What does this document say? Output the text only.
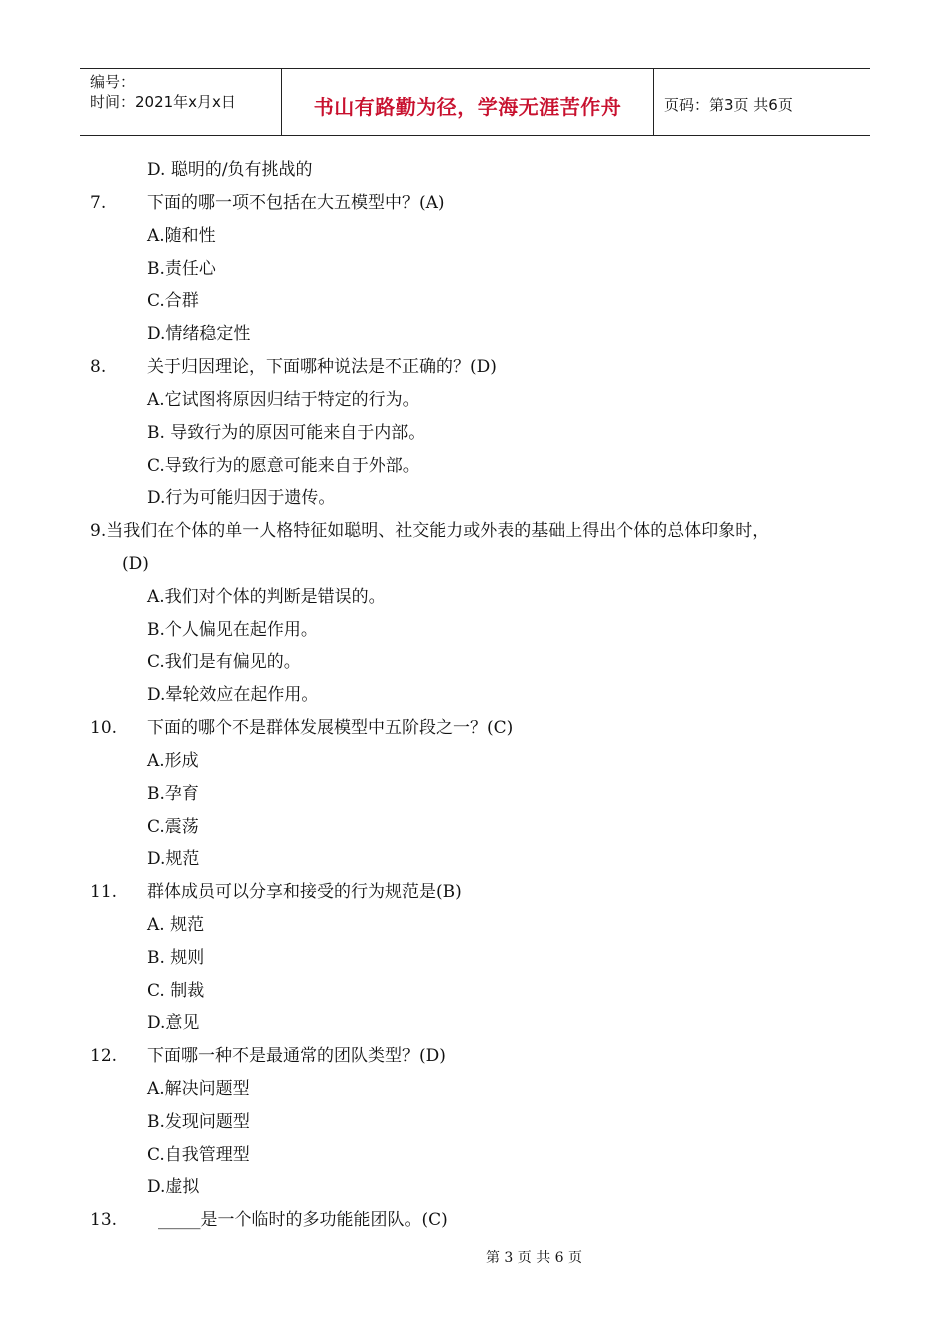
编号：
时间：2021年x月x日	书山有路勤为径，学海无涯苦作舟	页码：第3页 共6页
D. 聪明的/负有挑战的
7. 下面的哪一项不包括在大五模型中？(A)
A.随和性
B.责任心
C.合群
D.情绪稳定性
8. 关于归因理论，下面哪种说法是不正确的？(D)
A.它试图将原因归结于特定的行为。
B. 导致行为的原因可能来自于内部。
C.导致行为的愿意可能来自于外部。
D.行为可能归因于遗传。
9.当我们在个体的单一人格特征如聪明、社交能力或外表的基础上得出个体的总体印象时，
(D)
A.我们对个体的判断是错误的。
B.个人偏见在起作用。
C.我们是有偏见的。
D.晕轮效应在起作用。
10. 下面的哪个不是群体发展模型中五阶段之一？(C)
A.形成
B.孕育
C.震荡
D.规范
11. 群体成员可以分享和接受的行为规范是(B)
A. 规范
B. 规则
C. 制裁
D.意见
12. 下面哪一种不是最通常的团队类型？(D)
A.解决问题型
B.发现问题型
C.自我管理型
D.虚拟
13. _____是一个临时的多功能能团队。(C)
第 3 页 共 6 页
